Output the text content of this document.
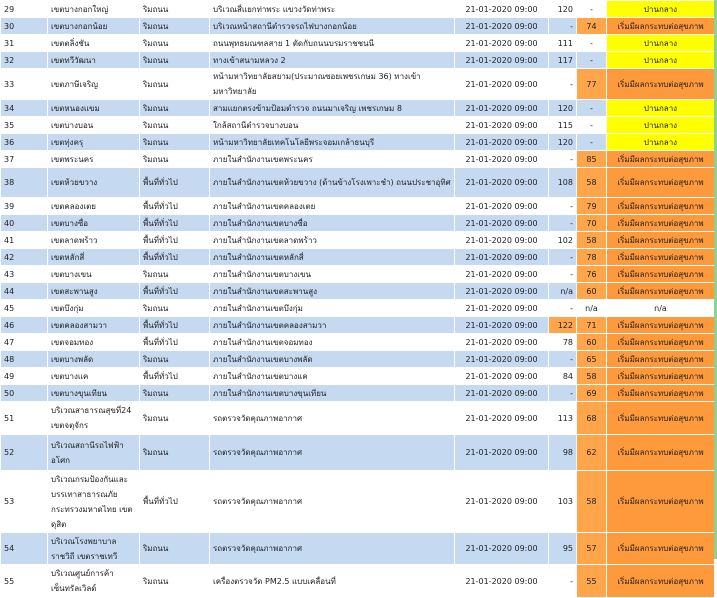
29	เขตบางกอกใหญ่	ริมถนน	บริเวณสี่แยกท่าพระ แขวงวัดท่าพระ	21-01-2020 09:00	120	-	ปานกลาง
30	เขตบางกอกน้อย	ริมถนน	บริเวณหน้าสถานีตำรวจรถไฟบางกอกน้อย	21-01-2020 09:00	-	74	เริ่มมีผลกระทบต่อสุขภาพ
31	เขตตลิ่งชัน	ริมถนน	ถนนพุทธมณฑลสาย 1 ตัดกับถนนบรมราชชนนี	21-01-2020 09:00	111	-	ปานกลาง
32	เขตทวีวัฒนา	ริมถนน	ทางเข้าสนามหลวง 2	21-01-2020 09:00	117	-	ปานกลาง
33	เขตภาษีเจริญ	ริมถนน	หน้ามหาวิทยาลัยสยาม(ประมาณซอยเพชรเกษม 36) ทางเข้ามหาวิทยาลัย	21-01-2020 09:00	-	77	เริ่มมีผลกระทบต่อสุขภาพ
34	เขตหนองแขม	ริมถนน	สามแยกตรงข้ามป้อมตำรวจ ถนนมาเจริญ เพชรเกษม 8	21-01-2020 09:00	120	-	ปานกลาง
35	เขตบางบอน	ริมถนน	ใกล้สถานีตำรวจบางบอน	21-01-2020 09:00	115	-	ปานกลาง
36	เขตทุ่งครุ	ริมถนน	หน้ามหาวิทยาลัยเทคโนโลยีพระจอมเกล้าธนบุรี	21-01-2020 09:00	120	-	ปานกลาง
37	เขตพระนคร	ริมถนน	ภายในสำนักงานเขตพระนคร	21-01-2020 09:00	-	85	เริ่มมีผลกระทบต่อสุขภาพ
38	เขตห้วยขวาง	พื้นที่ทั่วไป	ภายในสำนักงานเขตห้วยขวาง (ด้านข้างโรงเพาะชำ) ถนนประชาอุทิศ	21-01-2020 09:00	108	58	เริ่มมีผลกระทบต่อสุขภาพ
39	เขตคลองเตย	พื้นที่ทั่วไป	ภายในสำนักงานเขตคลองเตย	21-01-2020 09:00	-	79	เริ่มมีผลกระทบต่อสุขภาพ
40	เขตบางซื่อ	พื้นที่ทั่วไป	ภายในสำนักงานเขตบางซื่อ	21-01-2020 09:00	-	70	เริ่มมีผลกระทบต่อสุขภาพ
41	เขตลาดพร้าว	พื้นที่ทั่วไป	ภายในสำนักงานเขตลาดพร้าว	21-01-2020 09:00	102	58	เริ่มมีผลกระทบต่อสุขภาพ
42	เขตหลักสี่	พื้นที่ทั่วไป	ภายในสำนักงานเขตหลักสี่	21-01-2020 09:00	-	78	เริ่มมีผลกระทบต่อสุขภาพ
43	เขตบางเขน	ริมถนน	ภายในสำนักงานเขตบางเขน	21-01-2020 09:00	-	76	เริ่มมีผลกระทบต่อสุขภาพ
44	เขตสะพานสูง	พื้นที่ทั่วไป	ภายในสำนักงานเขตสะพานสูง	21-01-2020 09:00	n/a	60	เริ่มมีผลกระทบต่อสุขภาพ
45	เขตบึงกุ่ม	ริมถนน	ภายในสำนักงานเขตบึงกุ่ม	21-01-2020 09:00	-	n/a	n/a
46	เขตคลองสามวา	พื้นที่ทั่วไป	ภายในสำนักงานเขตคลองสามวา	21-01-2020 09:00	122	71	เริ่มมีผลกระทบต่อสุขภาพ
47	เขตจอมทอง	พื้นที่ทั่วไป	ภายในสำนักงานเขตจอมทอง	21-01-2020 09:00	78	60	เริ่มมีผลกระทบต่อสุขภาพ
48	เขตบางพลัด	ริมถนน	ภายในสำนักงานเขตบางพลัด	21-01-2020 09:00	-	65	เริ่มมีผลกระทบต่อสุขภาพ
49	เขตบางแค	พื้นที่ทั่วไป	ภายในสำนักงานเขตบางแค	21-01-2020 09:00	84	58	เริ่มมีผลกระทบต่อสุขภาพ
50	เขตบางขุนเทียน	ริมถนน	ภายในสำนักงานเขตบางขุนเทียน	21-01-2020 09:00	-	69	เริ่มมีผลกระทบต่อสุขภาพ
51	บริเวณสาธารณสุขที่24 เขตจตุจักร	ริมถนน	รถตรวจวัดคุณภาพอากาศ	21-01-2020 09:00	113	68	เริ่มมีผลกระทบต่อสุขภาพ
52	บริเวณสถานีรถไฟฟ้าอโศก	ริมถนน	รถตรวจวัดคุณภาพอากาศ	21-01-2020 09:00	98	62	เริ่มมีผลกระทบต่อสุขภาพ
53	บริเวณกรมป้องกันและบรรเทาสาธารณภัยกระทรวงมหาดไทย เขตดุสิต	พื้นที่ทั่วไป	รถตรวจวัดคุณภาพอากาศ	21-01-2020 09:00	103	58	เริ่มมีผลกระทบต่อสุขภาพ
54	บริเวณโรงพยาบาลราชวิถี เขตราชเทวี	ริมถนน	รถตรวจวัดคุณภาพอากาศ	21-01-2020 09:00	95	57	เริ่มมีผลกระทบต่อสุขภาพ
55	บริเวณศูนย์การค้าเซ็นทรัลเวิลด์	ริมถนน	เครื่องตรวจวัด PM2.5 แบบเคลื่อนที่	21-01-2020 09:00	-	55	เริ่มมีผลกระทบต่อสุขภาพ
